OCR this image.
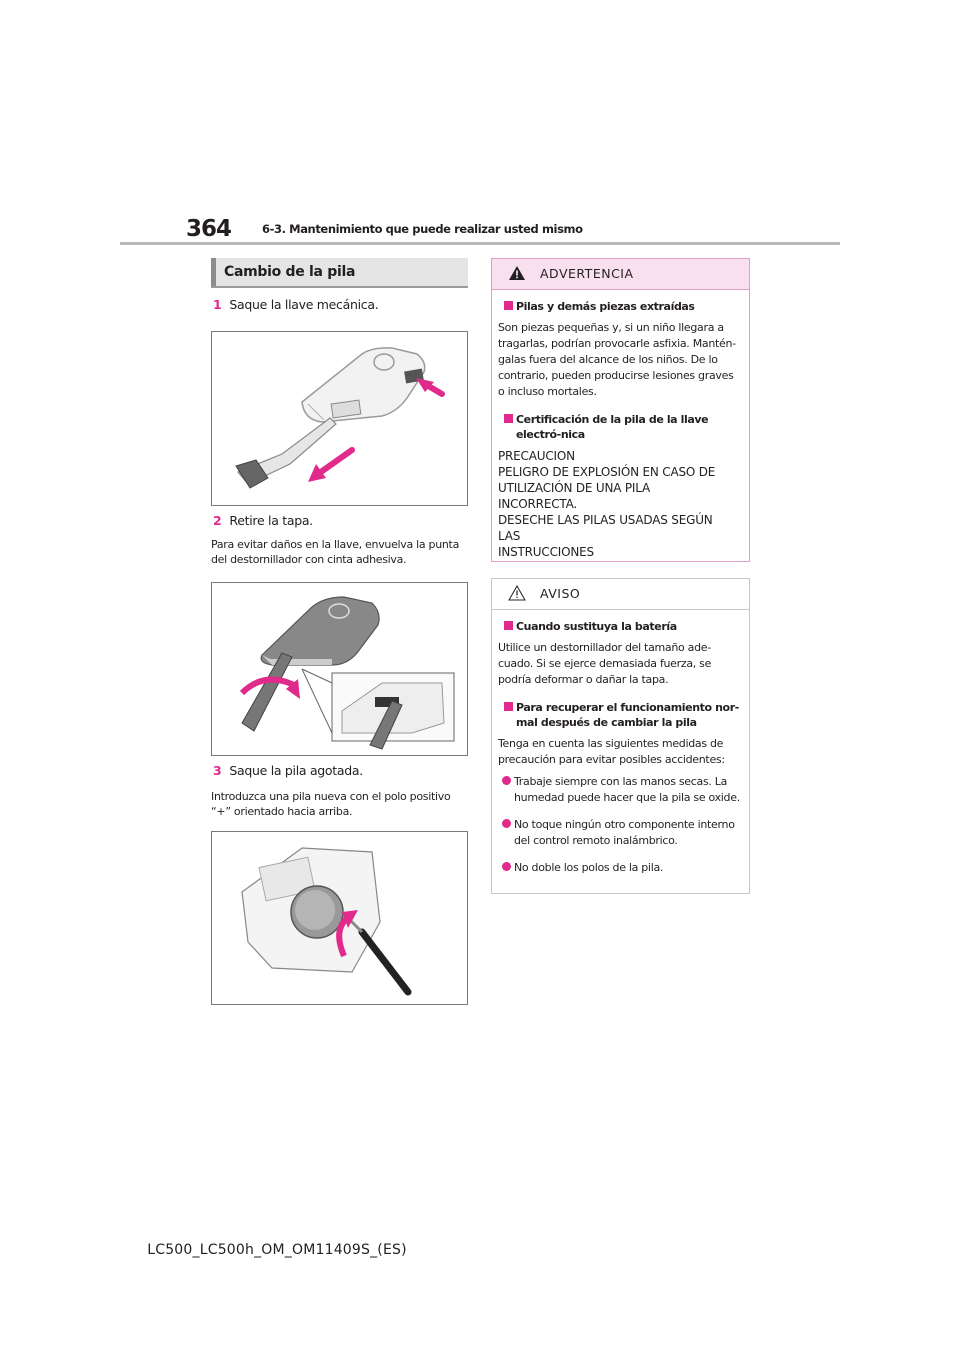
364	6-3. Mantenimiento que puede realizar usted mismo
Cambio de la pila
1 Saque la llave mecánica.
2 Retire la tapa.
Para evitar daños en la llave, envuelva la punta del destornillador con cinta adhesiva.
3 Saque la pila agotada.
Introduzca una pila nueva con el polo positivo “+” orientado hacia arriba.
ADVERTENCIA
Pilas y demás piezas extraídas
Son piezas pequeñas y, si un niño llegara a tragarlas, podrían provocarle asfixia. Mantén-galas fuera del alcance de los niños. De lo contrario, pueden producirse lesiones graves o incluso mortales.
Certificación de la pila de la llave electró-nica
PRECAUCION
PELIGRO DE EXPLOSIÓN EN CASO DE
UTILIZACIÓN DE UNA PILA
INCORRECTA.
DESECHE LAS PILAS USADAS SEGÚN
LAS
INSTRUCCIONES
AVISO
Cuando sustituya la batería
Utilice un destornillador del tamaño ade-cuado. Si se ejerce demasiada fuerza, se podría deformar o dañar la tapa.
Para recuperar el funcionamiento nor-mal después de cambiar la pila
Tenga en cuenta las siguientes medidas de precaución para evitar posibles accidentes:
Trabaje siempre con las manos secas. La humedad puede hacer que la pila se oxide.
No toque ningún otro componente interno del control remoto inalámbrico.
No doble los polos de la pila.
LC500_LC500h_OM_OM11409S_(ES)
